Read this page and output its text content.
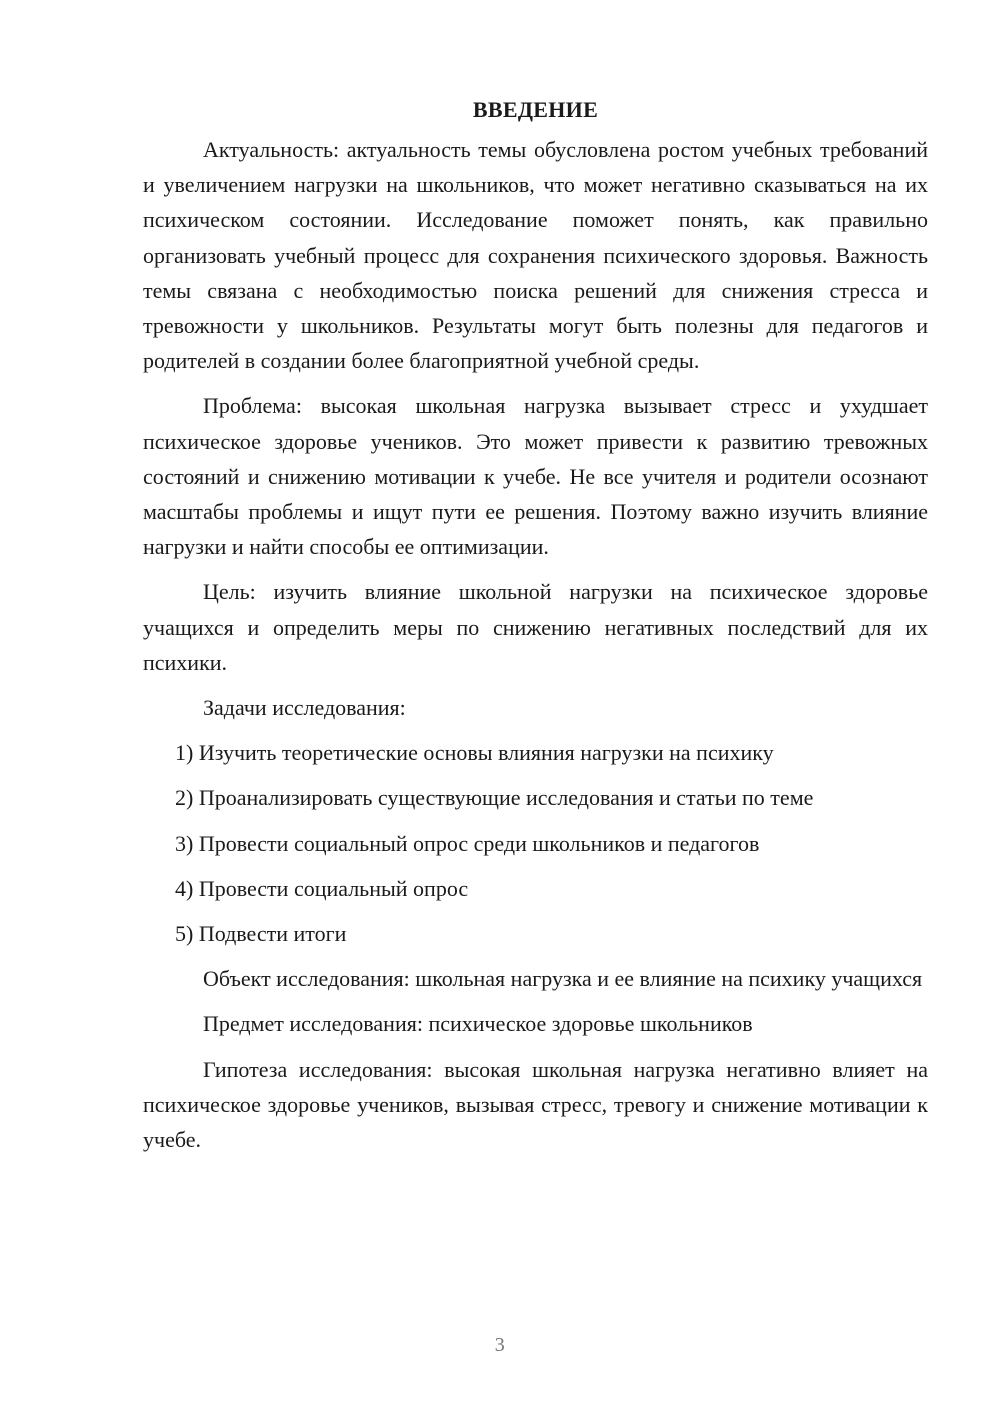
ВВЕДЕНИЕ

Актуальность: актуальность темы обусловлена ростом учебных требований и увеличением нагрузки на школьников, что может негативно сказываться на их психическом состоянии. Исследование поможет понять, как правильно организовать учебный процесс для сохранения психического здоровья. Важность темы связана с необходимостью поиска решений для снижения стресса и тревожности у школьников. Результаты могут быть полезны для педагогов и родителей в создании более благоприятной учебной среды.

Проблема: высокая школьная нагрузка вызывает стресс и ухудшает психическое здоровье учеников. Это может привести к развитию тревожных состояний и снижению мотивации к учебе. Не все учителя и родители осознают масштабы проблемы и ищут пути ее решения. Поэтому важно изучить влияние нагрузки и найти способы ее оптимизации.

Цель: изучить влияние школьной нагрузки на психическое здоровье учащихся и определить меры по снижению негативных последствий для их психики.

Задачи исследования:

1) Изучить теоретические основы влияния нагрузки на психику
2) Проанализировать существующие исследования и статьи по теме
3) Провести социальный опрос среди школьников и педагогов
4) Провести социальный опрос
5) Подвести итоги

Объект исследования: школьная нагрузка и ее влияние на психику учащихся

Предмет исследования: психическое здоровье школьников

Гипотеза исследования: высокая школьная нагрузка негативно влияет на психическое здоровье учеников, вызывая стресс, тревогу и снижение мотивации к учебе.

3
